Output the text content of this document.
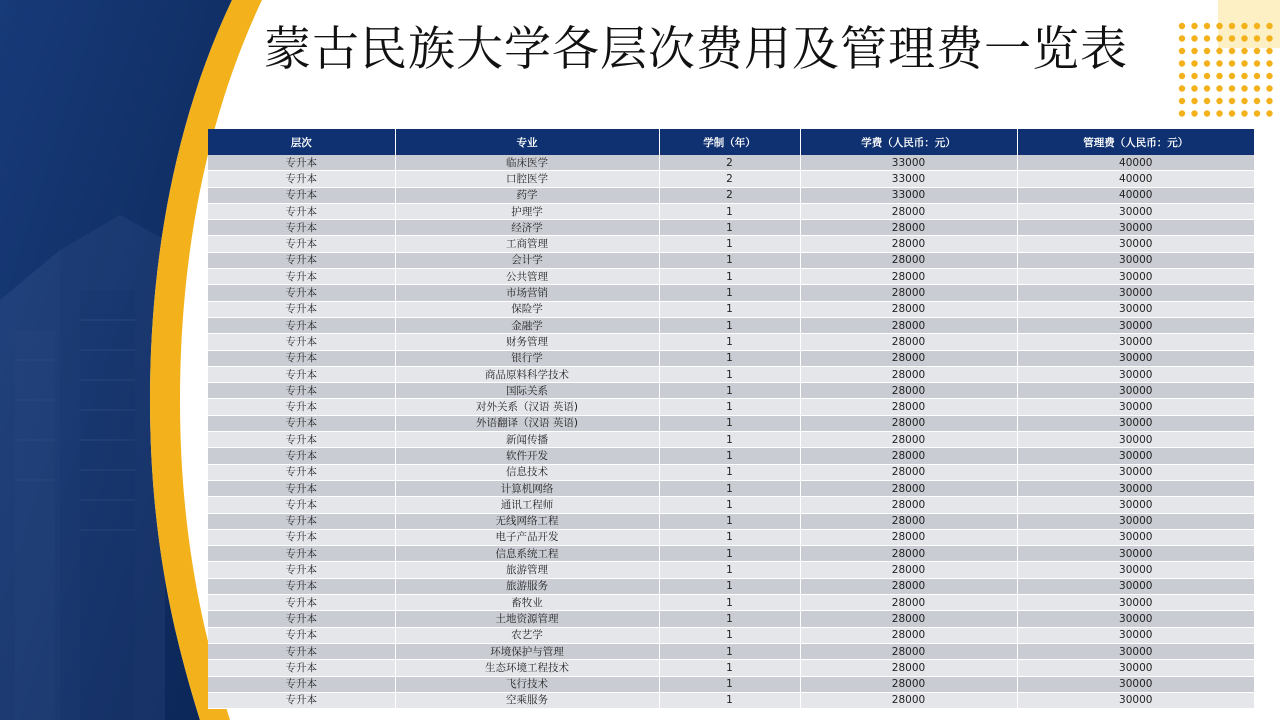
蒙古民族大学各层次费用及管理费一览表
层次	专业	学制（年）	学费（人民币：元）	管理费（人民币：元）
专升本	临床医学	2	33000	40000
专升本	口腔医学	2	33000	40000
专升本	药学	2	33000	40000
专升本	护理学	1	28000	30000
专升本	经济学	1	28000	30000
专升本	工商管理	1	28000	30000
专升本	会计学	1	28000	30000
专升本	公共管理	1	28000	30000
专升本	市场营销	1	28000	30000
专升本	保险学	1	28000	30000
专升本	金融学	1	28000	30000
专升本	财务管理	1	28000	30000
专升本	银行学	1	28000	30000
专升本	商品原料科学技术	1	28000	30000
专升本	国际关系	1	28000	30000
专升本	对外关系（汉语 英语)	1	28000	30000
专升本	外语翻译（汉语 英语)	1	28000	30000
专升本	新闻传播	1	28000	30000
专升本	软件开发	1	28000	30000
专升本	信息技术	1	28000	30000
专升本	计算机网络	1	28000	30000
专升本	通讯工程师	1	28000	30000
专升本	无线网络工程	1	28000	30000
专升本	电子产品开发	1	28000	30000
专升本	信息系统工程	1	28000	30000
专升本	旅游管理	1	28000	30000
专升本	旅游服务	1	28000	30000
专升本	畜牧业	1	28000	30000
专升本	土地资源管理	1	28000	30000
专升本	农艺学	1	28000	30000
专升本	环境保护与管理	1	28000	30000
专升本	生态环境工程技术	1	28000	30000
专升本	飞行技术	1	28000	30000
专升本	空乘服务	1	28000	30000
